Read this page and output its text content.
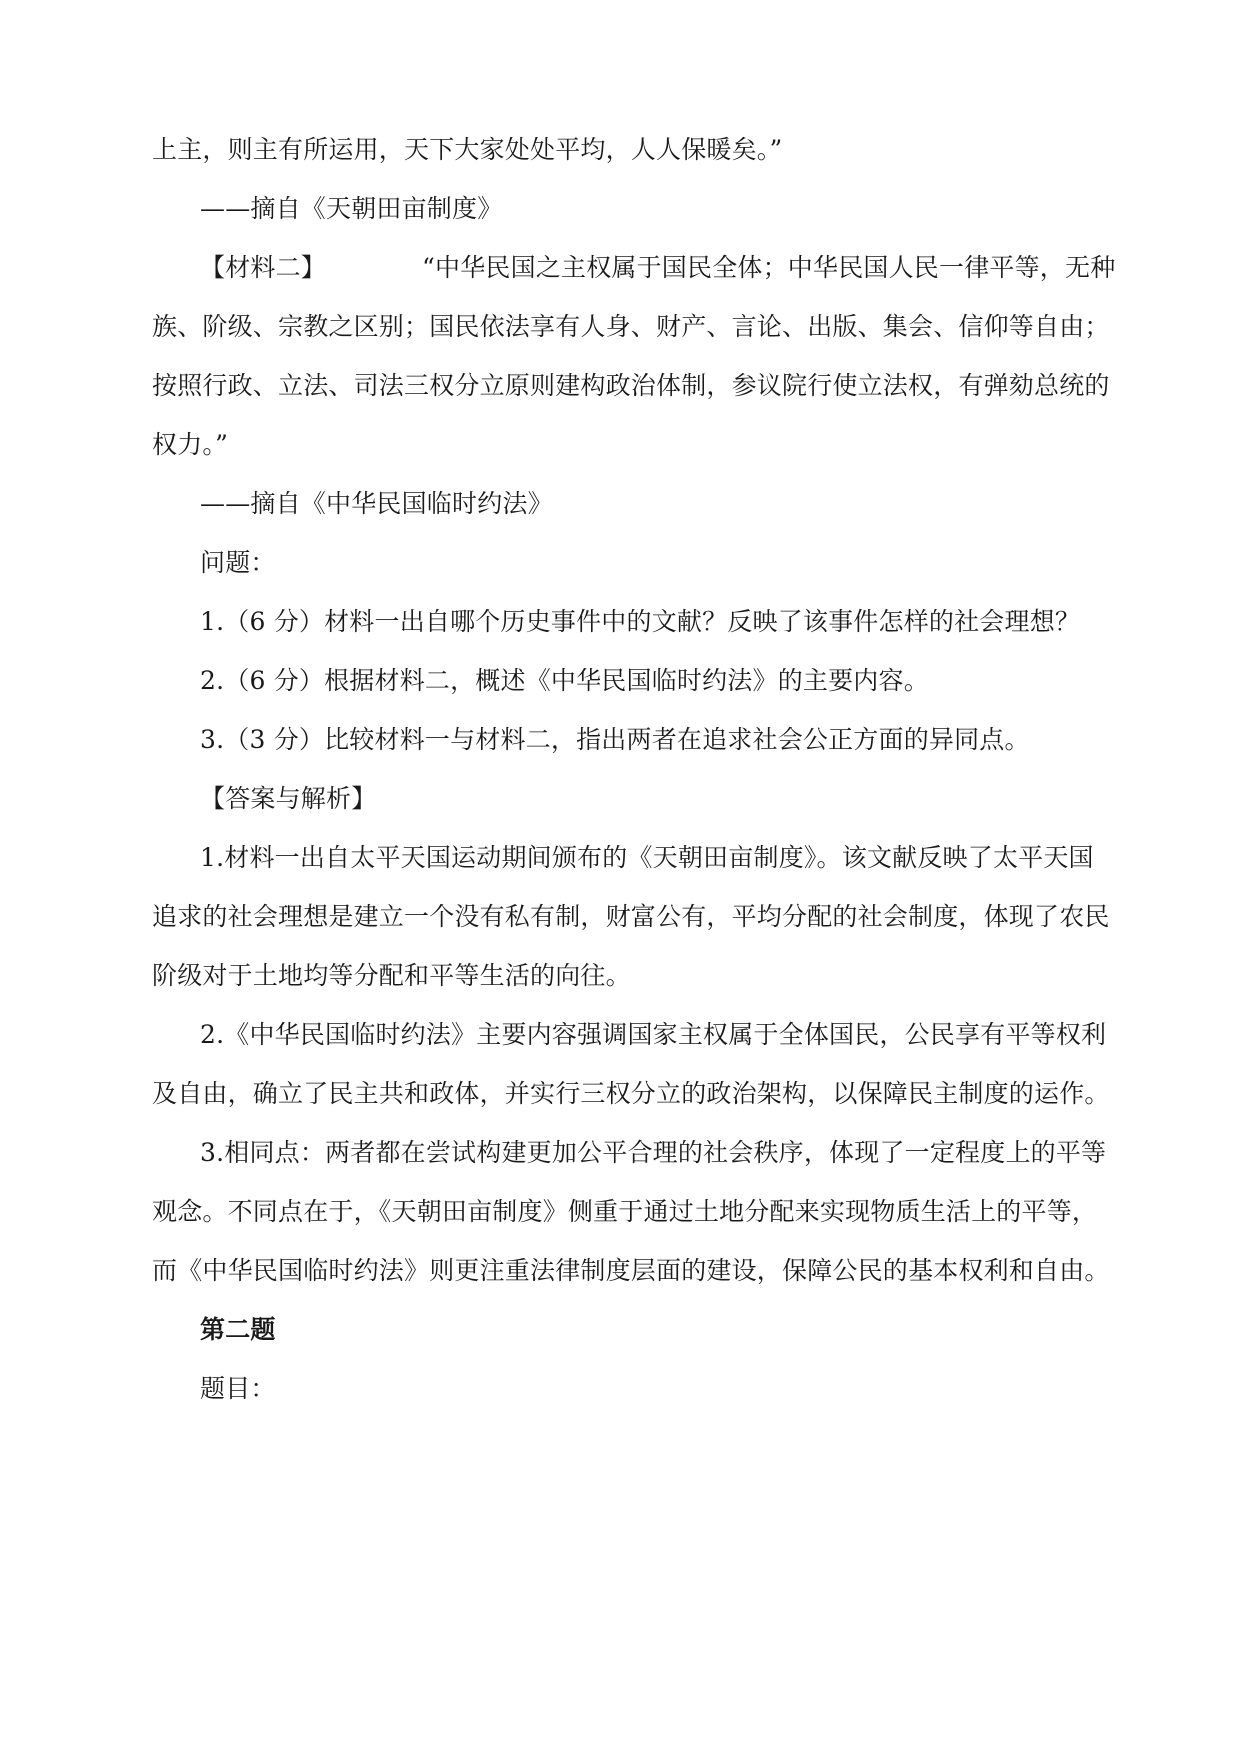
上主，则主有所运用，天下大家处处平均，人人保暖矣。”
——摘自《天朝田亩制度》
【材料二】	“中华民国之主权属于国民全体；中华民国人民一律平等，无种
族、阶级、宗教之区别；国民依法享有人身、财产、言论、出版、集会、信仰等自由；
按照行政、立法、司法三权分立原则建构政治体制，参议院行使立法权，有弹劾总统的
权力。”
——摘自《中华民国临时约法》
问题：
1.（6 分）材料一出自哪个历史事件中的文献？反映了该事件怎样的社会理想？
2.（6 分）根据材料二，概述《中华民国临时约法》的主要内容。
3.（3 分）比较材料一与材料二，指出两者在追求社会公正方面的异同点。
【答案与解析】
1.材料一出自太平天国运动期间颁布的《天朝田亩制度》。该文献反映了太平天国
追求的社会理想是建立一个没有私有制，财富公有，平均分配的社会制度，体现了农民
阶级对于土地均等分配和平等生活的向往。
2.《中华民国临时约法》主要内容强调国家主权属于全体国民，公民享有平等权利
及自由，确立了民主共和政体，并实行三权分立的政治架构，以保障民主制度的运作。
3.相同点：两者都在尝试构建更加公平合理的社会秩序，体现了一定程度上的平等
观念。不同点在于，《天朝田亩制度》侧重于通过土地分配来实现物质生活上的平等，
而《中华民国临时约法》则更注重法律制度层面的建设，保障公民的基本权利和自由。
第二题
题目：
